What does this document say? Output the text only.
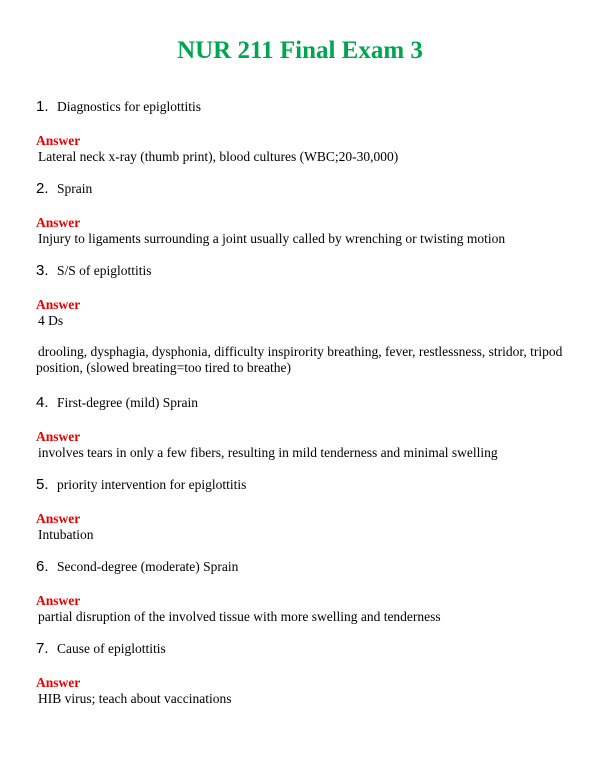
NUR 211 Final Exam 3
1. Diagnostics for epiglottitis

Answer

Lateral neck x-ray (thumb print), blood cultures (WBC;20-30,000)

2. Sprain

Answer

Injury to ligaments surrounding a joint usually called by wrenching or twisting motion

3. S/S of epiglottitis

Answer

4 Ds

drooling, dysphagia, dysphonia, difficulty inspirority breathing, fever, restlessness, stridor, tripod position, (slowed breating=too tired to breathe)

4. First-degree (mild) Sprain

Answer

involves tears in only a few fibers, resulting in mild tenderness and minimal swelling

5. priority intervention for epiglottitis

Answer

Intubation

6. Second-degree (moderate) Sprain

Answer

partial disruption of the involved tissue with more swelling and tenderness

7. Cause of epiglottitis

Answer

HIB virus; teach about vaccinations
